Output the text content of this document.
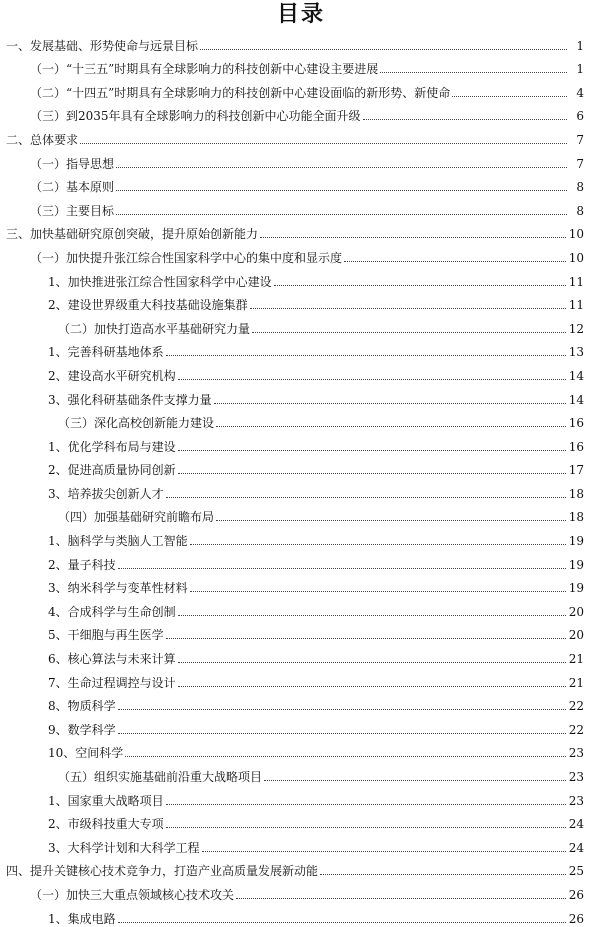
目录
一、发展基础、形势使命与远景目标	1
（一）“十三五”时期具有全球影响力的科技创新中心建设主要进展	1
（二）“十四五”时期具有全球影响力的科技创新中心建设面临的新形势、新使命	4
（三）到2035年具有全球影响力的科技创新中心功能全面升级	6
二、总体要求	7
（一）指导思想	7
（二）基本原则	8
（三）主要目标	8
三、加快基础研究原创突破，提升原始创新能力	10
（一）加快提升张江综合性国家科学中心的集中度和显示度	10
1、加快推进张江综合性国家科学中心建设	11
2、建设世界级重大科技基础设施集群	11
（二）加快打造高水平基础研究力量	12
1、完善科研基地体系	13
2、建设高水平研究机构	14
3、强化科研基础条件支撑力量	14
（三）深化高校创新能力建设	16
1、优化学科布局与建设	16
2、促进高质量协同创新	17
3、培养拔尖创新人才	18
（四）加强基础研究前瞻布局	18
1、脑科学与类脑人工智能	19
2、量子科技	19
3、纳米科学与变革性材料	19
4、合成科学与生命创制	20
5、干细胞与再生医学	20
6、核心算法与未来计算	21
7、生命过程调控与设计	21
8、物质科学	22
9、数学科学	22
10、空间科学	23
（五）组织实施基础前沿重大战略项目	23
1、国家重大战略项目	23
2、市级科技重大专项	24
3、大科学计划和大科学工程	24
四、提升关键核心技术竞争力，打造产业高质量发展新动能	25
（一）加快三大重点领域核心技术攻关	26
1、集成电路	26
